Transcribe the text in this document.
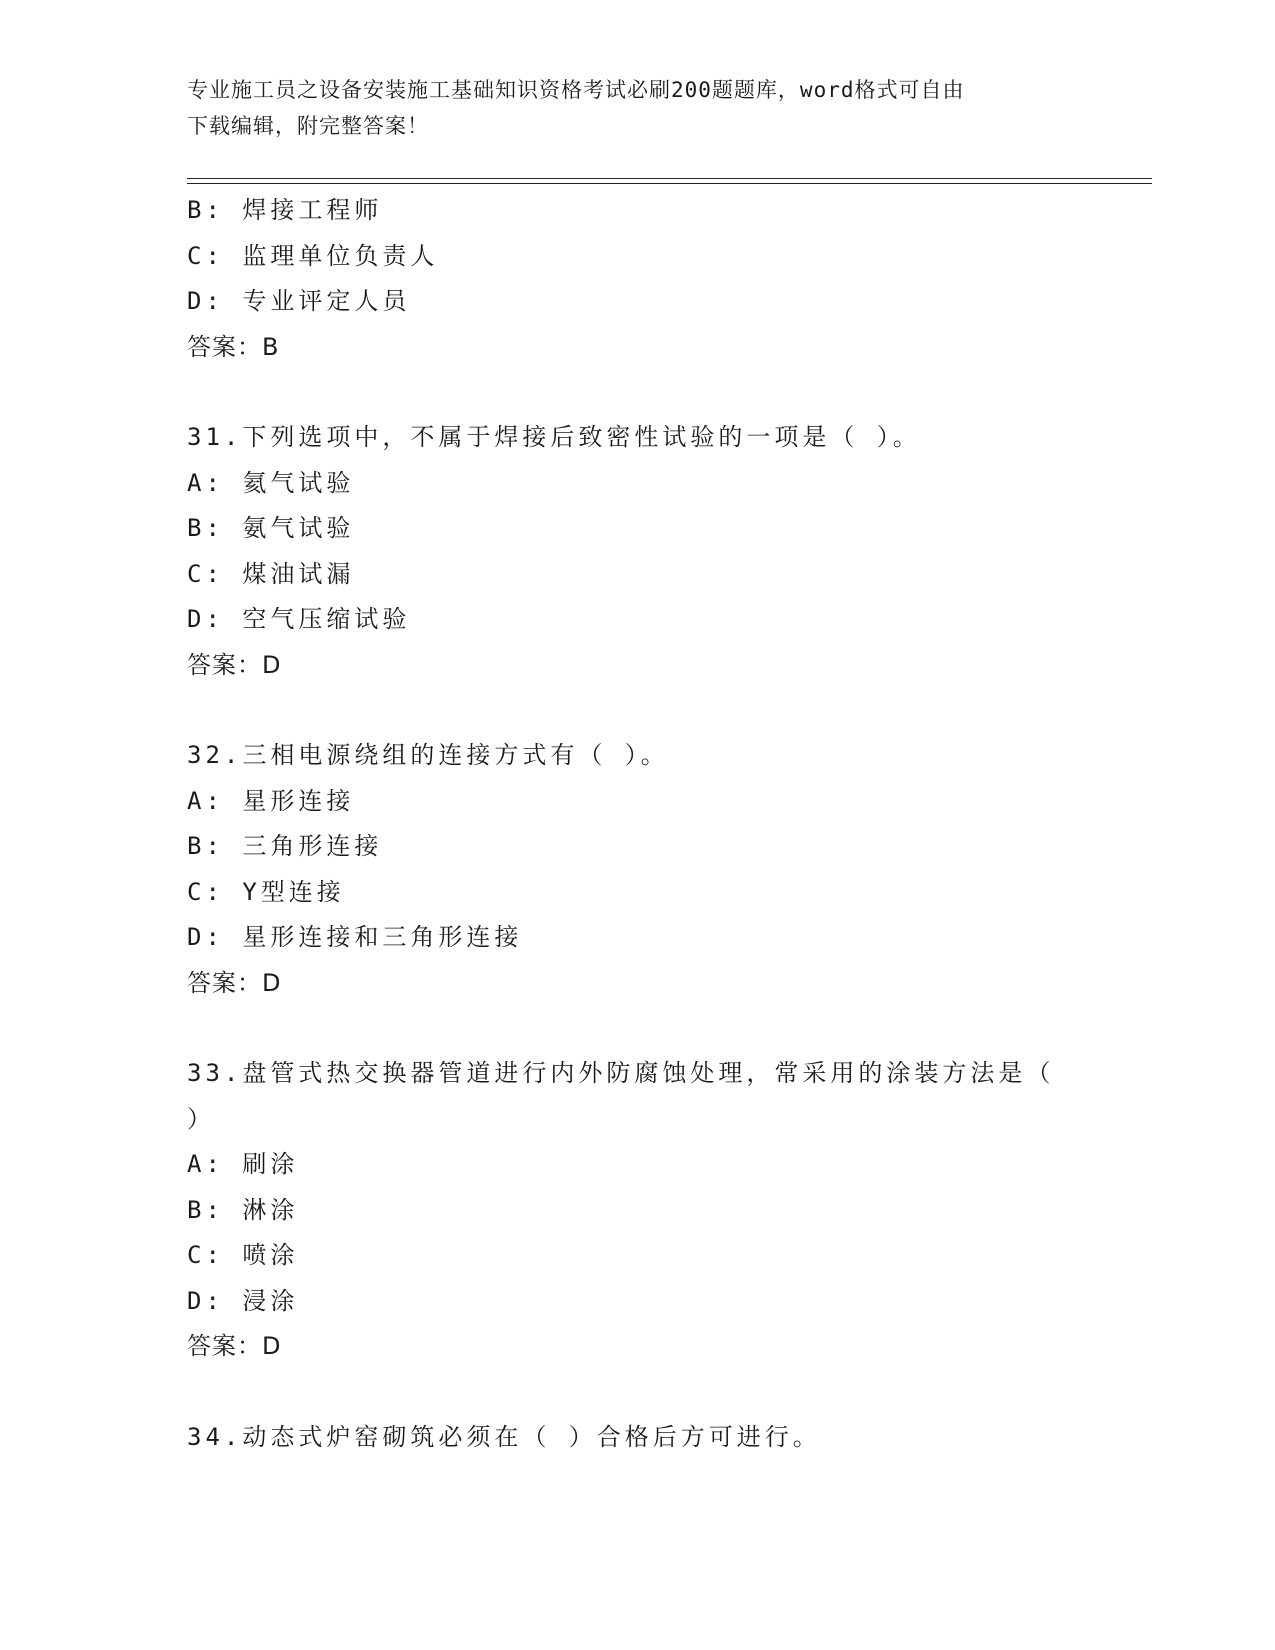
专业施工员之设备安装施工基础知识资格考试必刷200题题库，word格式可自由
下载编辑，附完整答案！
B: 焊接工程师
C: 监理单位负责人
D: 专业评定人员
答案：B
31.下列选项中，不属于焊接后致密性试验的一项是（ ）。
A: 氦气试验
B: 氨气试验
C: 煤油试漏
D: 空气压缩试验
答案：D
32.三相电源绕组的连接方式有（ ）。
A: 星形连接
B: 三角形连接
C: Y型连接
D: 星形连接和三角形连接
答案：D
33.盘管式热交换器管道进行内外防腐蚀处理，常采用的涂装方法是（
）
A: 刷涂
B: 淋涂
C: 喷涂
D: 浸涂
答案：D
34.动态式炉窑砌筑必须在（ ）合格后方可进行。
